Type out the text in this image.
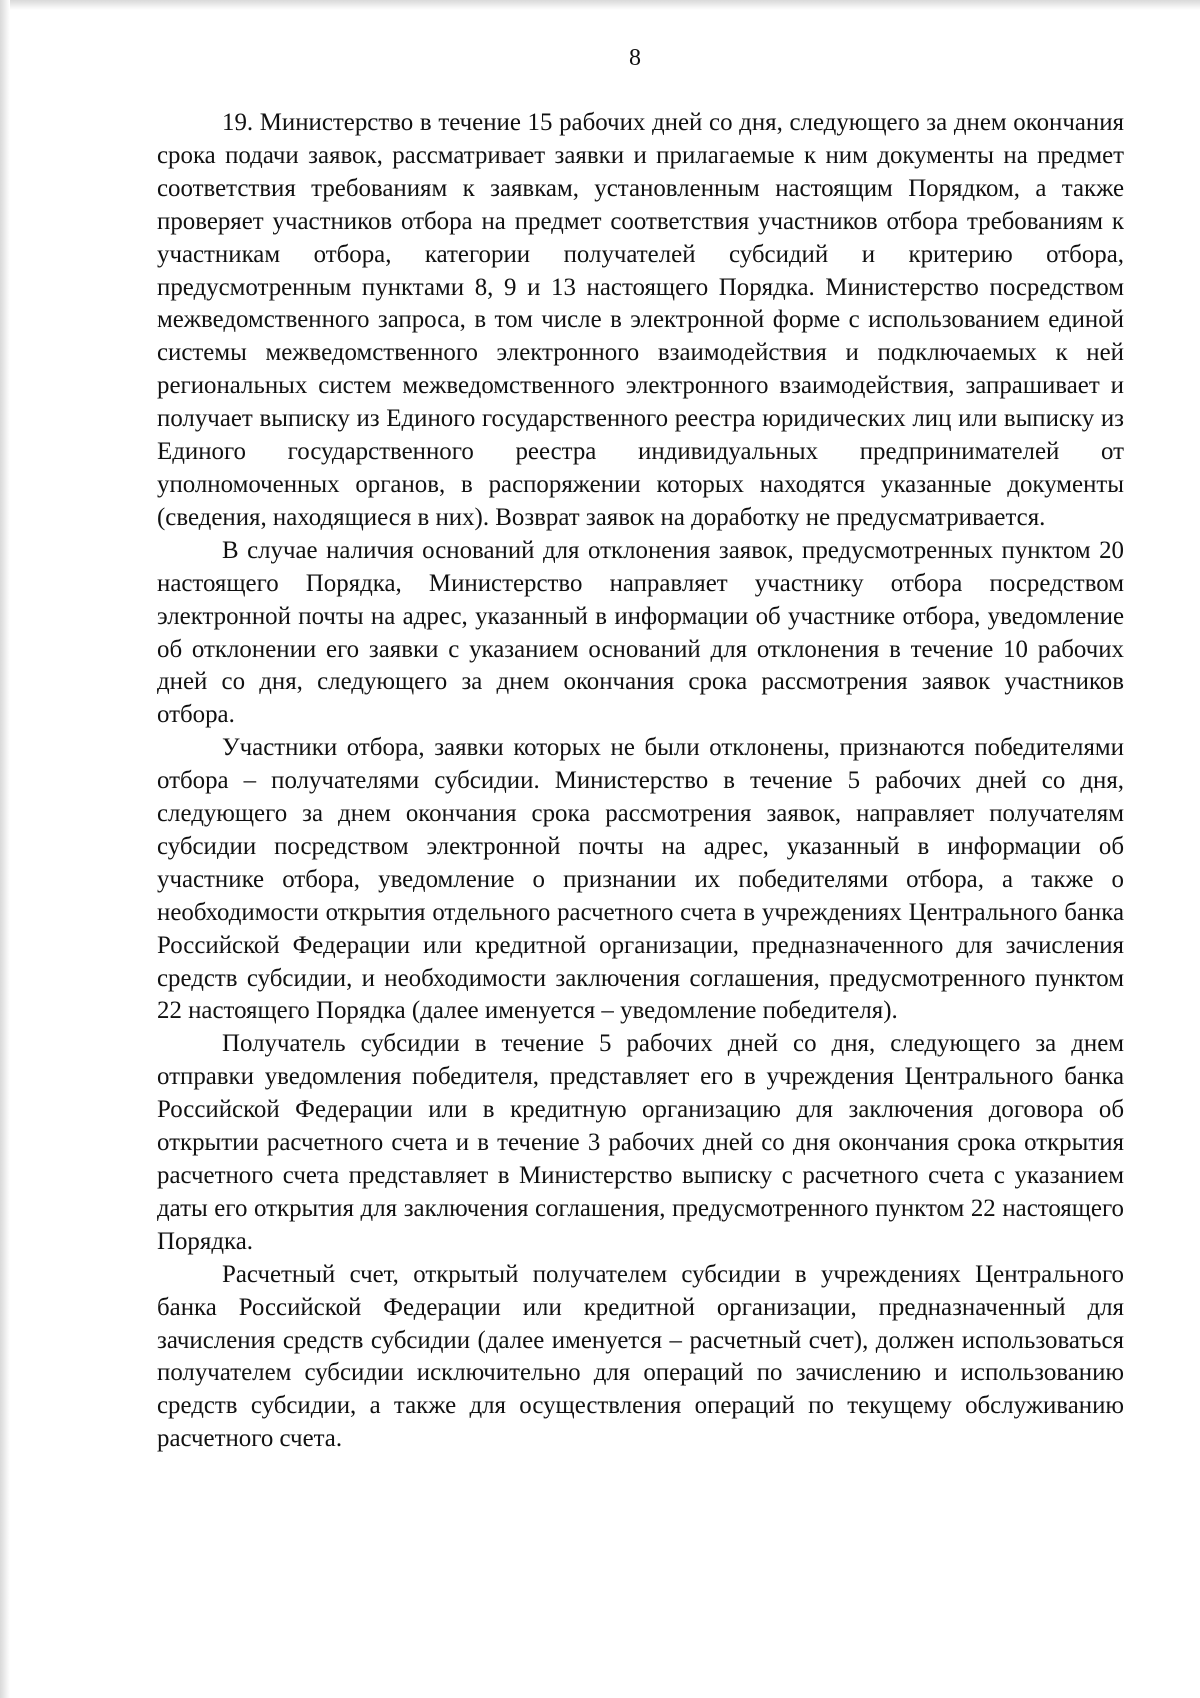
8

19. Министерство в течение 15 рабочих дней со дня, следующего за днем окончания срока подачи заявок, рассматривает заявки и прилагаемые к ним документы на предмет соответствия требованиям к заявкам, установленным настоящим Порядком, а также проверяет участников отбора на предмет соответствия участников отбора требованиям к участникам отбора, категории получателей субсидий и критерию отбора, предусмотренным пунктами 8, 9 и 13 настоящего Порядка. Министерство посредством межведомственного запроса, в том числе в электронной форме с использованием единой системы межведомственного электронного взаимодействия и подключаемых к ней региональных систем межведомственного электронного взаимодействия, запрашивает и получает выписку из Единого государственного реестра юридических лиц или выписку из Единого государственного реестра индивидуальных предпринимателей от уполномоченных органов, в распоряжении которых находятся указанные документы (сведения, находящиеся в них). Возврат заявок на доработку не предусматривается.

В случае наличия оснований для отклонения заявок, предусмотренных пунктом 20 настоящего Порядка, Министерство направляет участнику отбора посредством электронной почты на адрес, указанный в информации об участнике отбора, уведомление об отклонении его заявки с указанием оснований для отклонения в течение 10 рабочих дней со дня, следующего за днем окончания срока рассмотрения заявок участников отбора.

Участники отбора, заявки которых не были отклонены, признаются победителями отбора – получателями субсидии. Министерство в течение 5 рабочих дней со дня, следующего за днем окончания срока рассмотрения заявок, направляет получателям субсидии посредством электронной почты на адрес, указанный в информации об участнике отбора, уведомление о признании их победителями отбора, а также о необходимости открытия отдельного расчетного счета в учреждениях Центрального банка Российской Федерации или кредитной организации, предназначенного для зачисления средств субсидии, и необходимости заключения соглашения, предусмотренного пунктом 22 настоящего Порядка (далее именуется – уведомление победителя).

Получатель субсидии в течение 5 рабочих дней со дня, следующего за днем отправки уведомления победителя, представляет его в учреждения Центрального банка Российской Федерации или в кредитную организацию для заключения договора об открытии расчетного счета и в течение 3 рабочих дней со дня окончания срока открытия расчетного счета представляет в Министерство выписку с расчетного счета с указанием даты его открытия для заключения соглашения, предусмотренного пунктом 22 настоящего Порядка.

Расчетный счет, открытый получателем субсидии в учреждениях Центрального банка Российской Федерации или кредитной организации, предназначенный для зачисления средств субсидии (далее именуется – расчетный счет), должен использоваться получателем субсидии исключительно для операций по зачислению и использованию средств субсидии, а также для осуществления операций по текущему обслуживанию расчетного счета.
